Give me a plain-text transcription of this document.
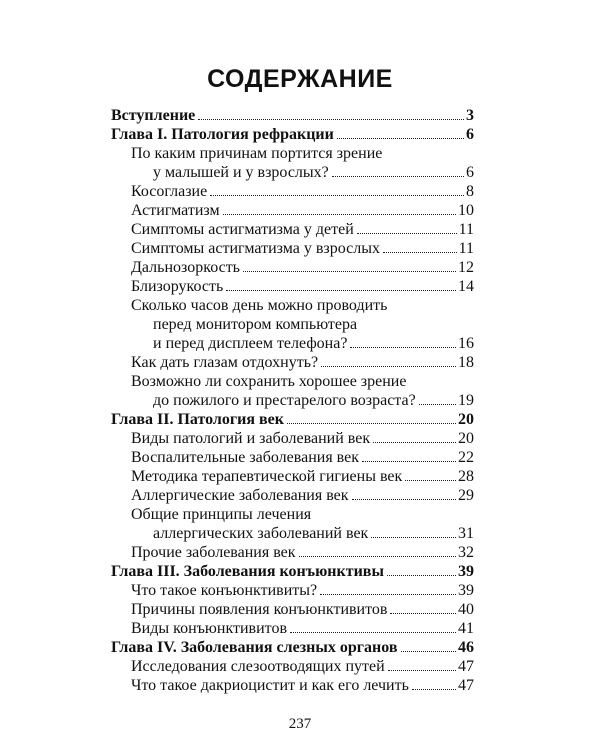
СОДЕРЖАНИЕ
Вступление	3
Глава I. Патология рефракции	6
По каким причинам портится зрение
у малышей и у взрослых?	6
Косоглазие	8
Астигматизм	10
Симптомы астигматизма у детей	11
Симптомы астигматизма у взрослых	11
Дальнозоркость	12
Близорукость	14
Сколько часов день можно проводить
перед монитором компьютера
и перед дисплеем телефона?	16
Как дать глазам отдохнуть?	18
Возможно ли сохранить хорошее зрение
до пожилого и престарелого возраста?	19
Глава II. Патология век	20
Виды патологий и заболеваний век	20
Воспалительные заболевания век	22
Методика терапевтической гигиены век	28
Аллергические заболевания век	29
Общие принципы лечения
аллергических заболеваний век	31
Прочие заболевания век	32
Глава III. Заболевания конъюнктивы	39
Что такое конъюнктивиты?	39
Причины появления конъюнктивитов	40
Виды конъюнктивитов	41
Глава IV. Заболевания слезных органов	46
Исследования слезоотводящих путей	47
Что такое дакриоцистит и как его лечить	47
237
